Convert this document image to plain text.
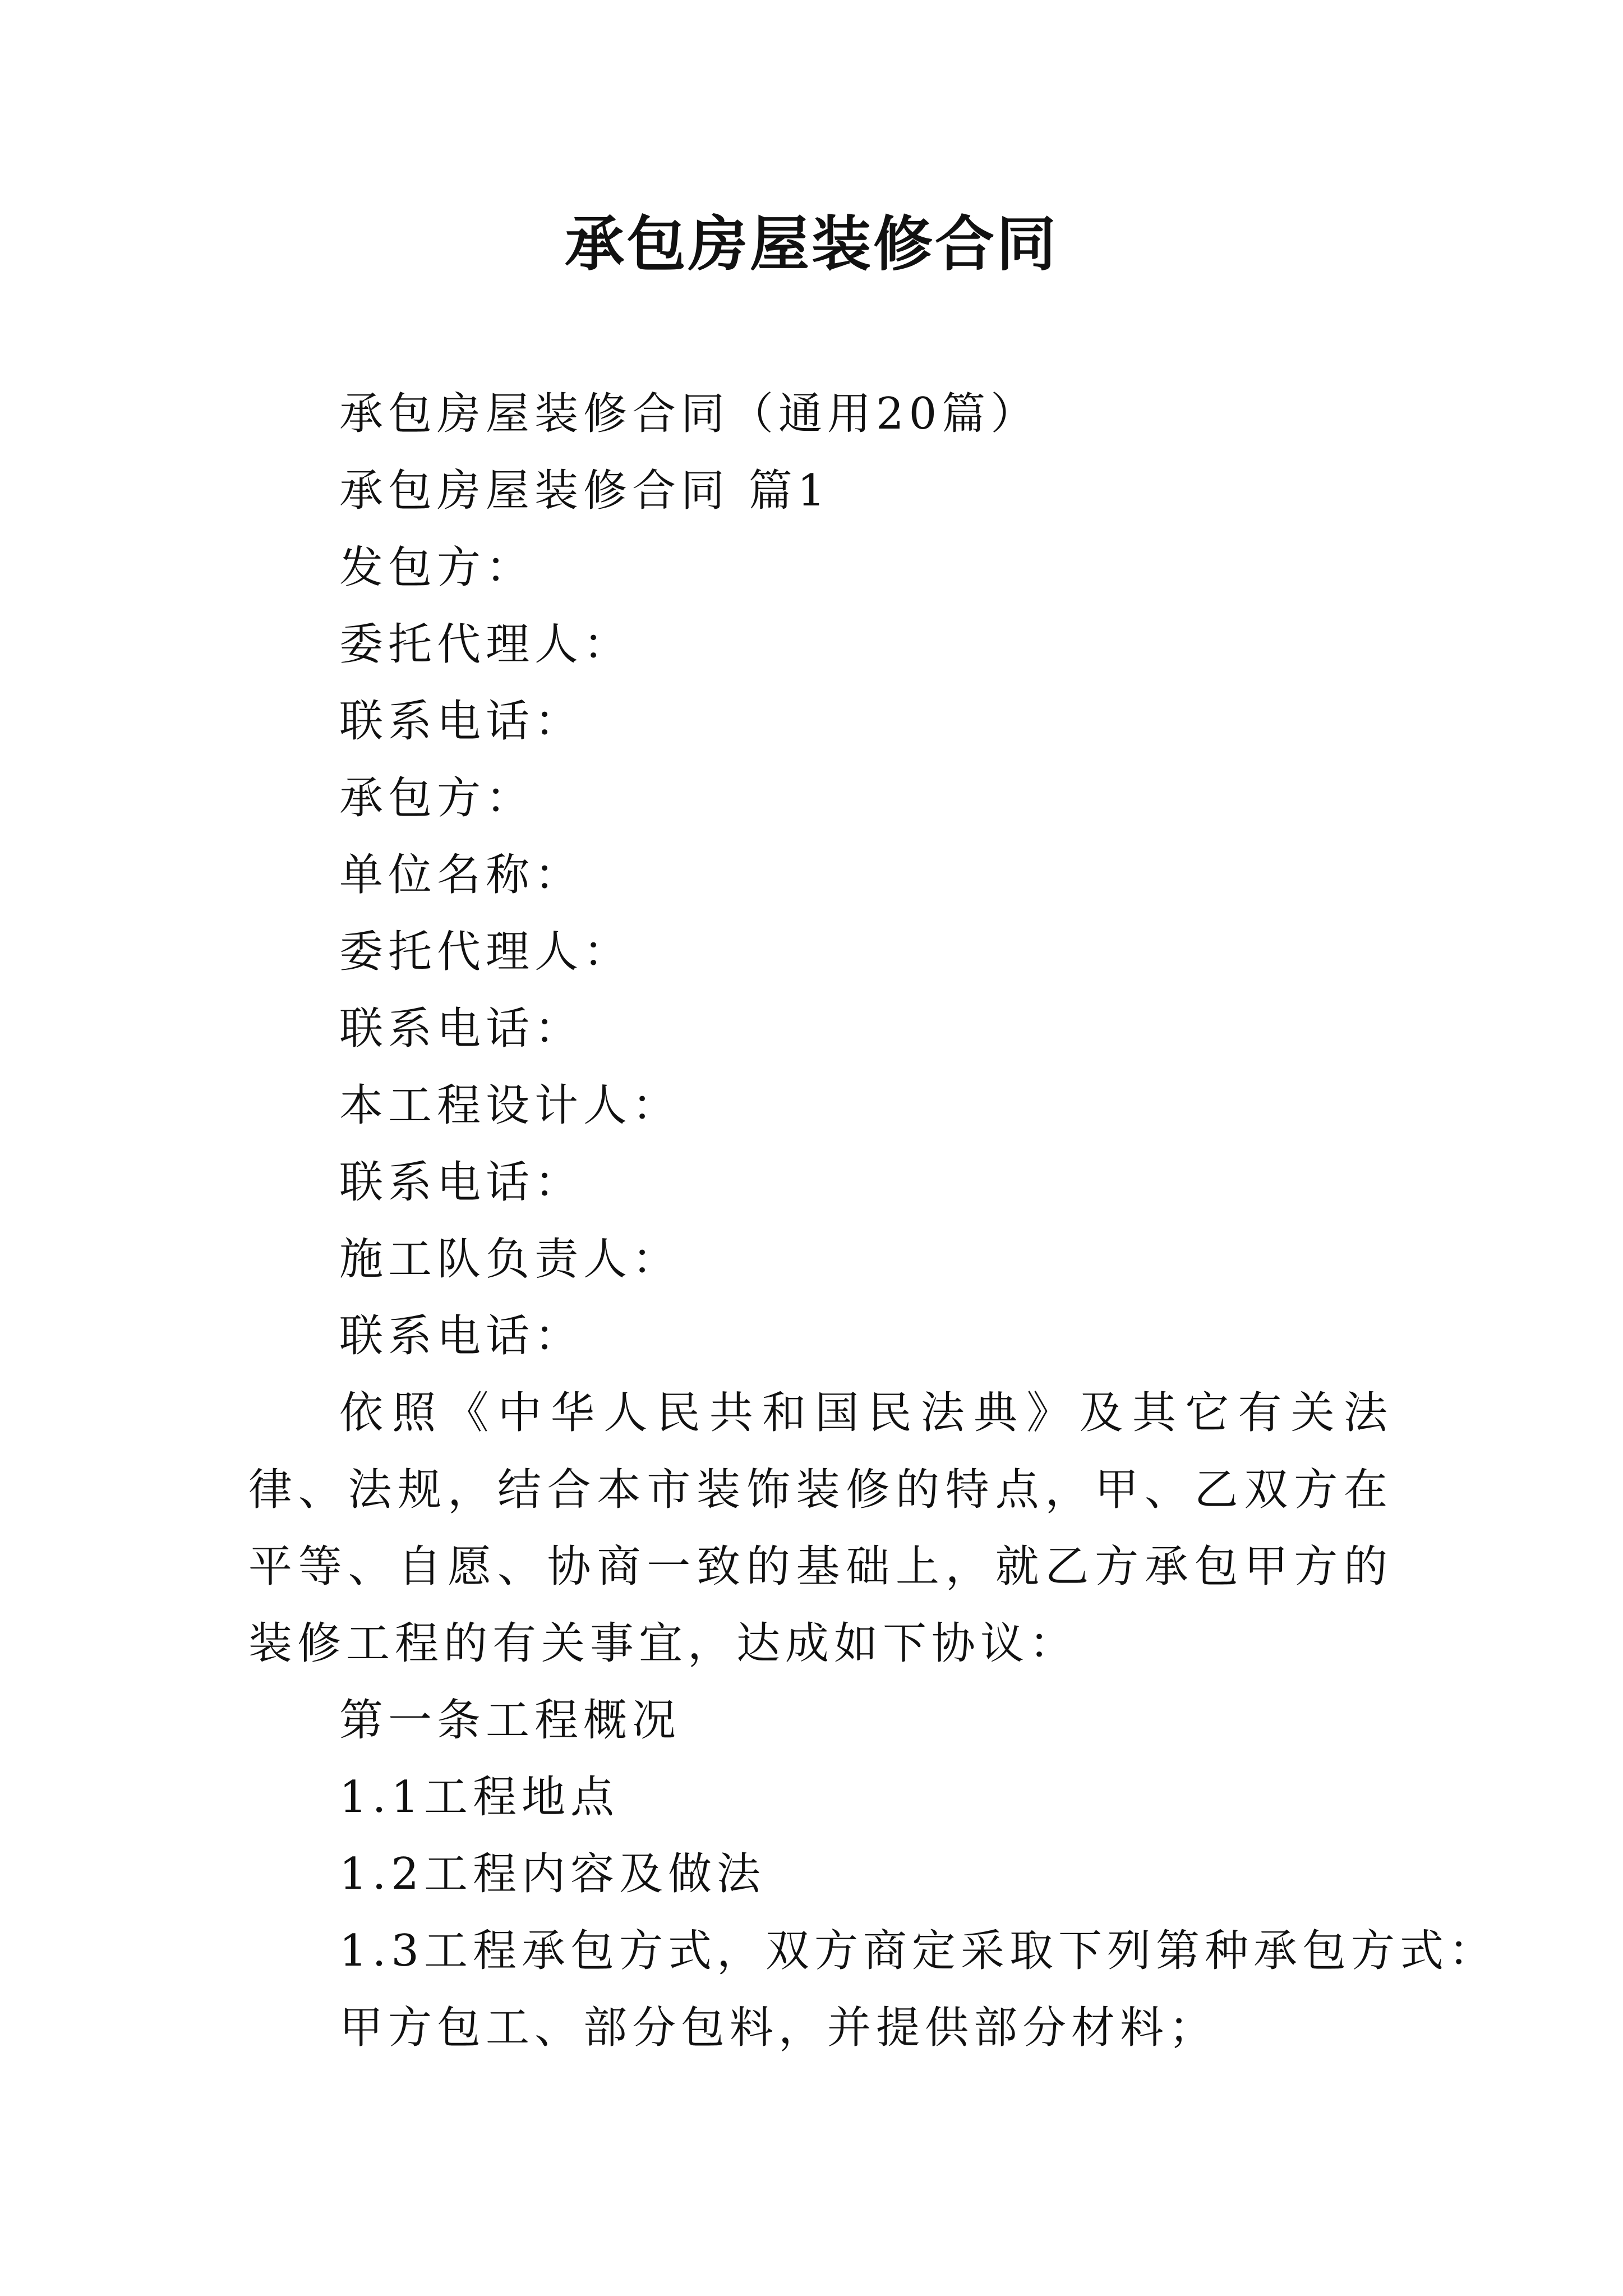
承包房屋装修合同

承包房屋装修合同（通用20篇）

承包房屋装修合同 篇1

发包方：

委托代理人：

联系电话：

承包方：

单位名称：

委托代理人：

联系电话：

本工程设计人：

联系电话：

施工队负责人：

联系电话：

依照《中华人民共和国民法典》及其它有关法律、法规，结合本市装饰装修的特点，甲、乙双方在平等、自愿、协商一致的基础上，就乙方承包甲方的装修工程的有关事宜，达成如下协议：

第一条工程概况

1.1工程地点

1.2工程内容及做法

1.3工程承包方式，双方商定采取下列第种承包方式：

甲方包工、部分包料，并提供部分材料；
